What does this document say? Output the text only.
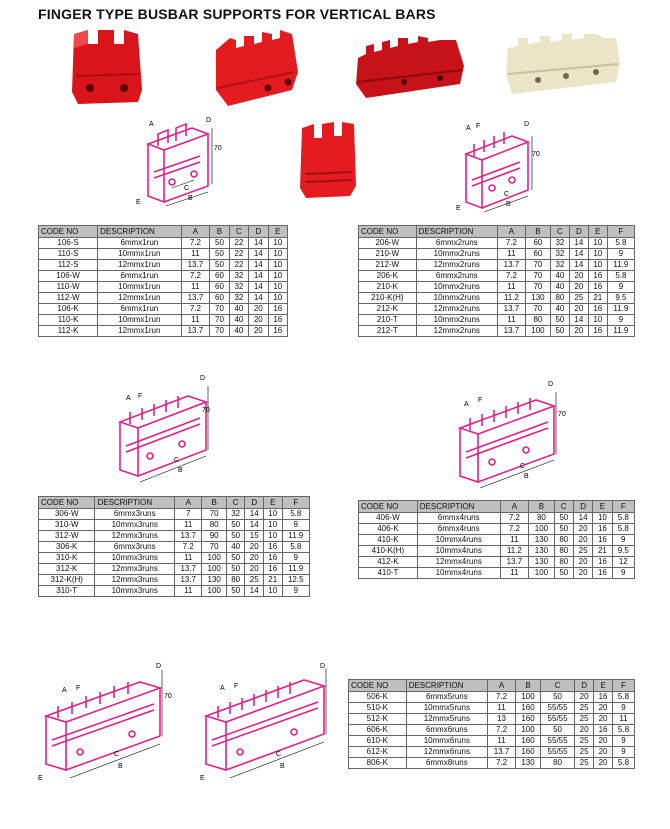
FINGER TYPE BUSBAR SUPPORTS FOR VERTICAL BARS
A
D
70
C
B
E
A F	D
70
C
B
E
A F
D
70
C
B
A
F
D
70
C
B
A F
D
70
C
B
E
A F
D
C
B
E
CODE NO	DESCRIPTION	A	B	C	D	E
106-S	6mmx1run	7.2	50	22	14	10
110-S	10mmx1run	11	50	22	14	10
112-S	12mmx1run	13.7	50	22	14	10
106-W	6mmx1run	7.2	60	32	14	10
110-W	10mmx1run	11	60	32	14	10
112-W	12mmx1run	13.7	60	32	14	10
106-K	6mmx1run	7.2	70	40	20	16
110-K	10mmx1run	11	70	40	20	16
112-K	12mmx1run	13.7	70	40	20	16
CODE NO	DESCRIPTION	A	B	C	D	E	F
206-W	6mmx2runs	7.2	60	32	14	10	5.8
210-W	10mmx2runs	11	60	32	14	10	9
212-W	12mmx2runs	13.7	70	32	14	10	11.9
206-K	6mmx2runs	7.2	70	40	20	16	5.8
210-K	10mmx2runs	11	70	40	20	16	9
210-K(H)	10mmx2runs	11.2	130	80	25	21	9.5
212-K	12mmx2runs	13.7	70	40	20	16	11.9
210-T	10mmx2runs	11	80	50	14	10	9
212-T	12mmx2runs	13.7	100	50	20	16	11.9
CODE NO	DESCRIPTION	A	B	C	D	E	F
306-W	6mmx3runs	7	70	32	14	10	5.8
310-W	10mmx3runs	11	80	50	14	10	9
312-W	12mmx3runs	13.7	90	50	15	10	11.9
306-K	6mmx3runs	7.2	70	40	20	16	5.8
310-K	10mmx3runs	11	100	50	20	16	9
312-K	12mmx3runs	13.7	100	50	20	16	11.9
312-K(H)	12mmx3runs	13.7	130	80	25	21	12.5
310-T	10mmx3runs	11	100	50	14	10	9
CODE NO	DESCRIPTION	A	B	C	D	E	F
406-W	6mmx4runs	7.2	80	50	14	10	5.8
406-K	6mmx4runs	7.2	100	50	20	16	5.8
410-K	10mmx4runs	11	130	80	20	16	9
410-K(H)	10mmx4runs	11.2	130	80	25	21	9.5
412-K	12mmx4runs	13.7	130	80	20	16	12
410-T	10mmx4runs	11	100	50	20	16	9
CODE NO	DESCRIPTION	A	B	C	D	E	F
506-K	6mmx5runs	7.2	100	50	20	16	5.8
510-K	10mmx5runs	11	160	55/55	25	20	9
512-K	12mmx5runs	13	160	55/55	25	20	11
606-K	6mmx6runs	7.2	100	50	20	16	5.8
610-K	10mmx6runs	11	160	55/55	25	20	9
612-K	12mmx6runs	13.7	160	55/55	25	20	9
806-K	6mmx8runs	7.2	130	80	25	20	5.8
